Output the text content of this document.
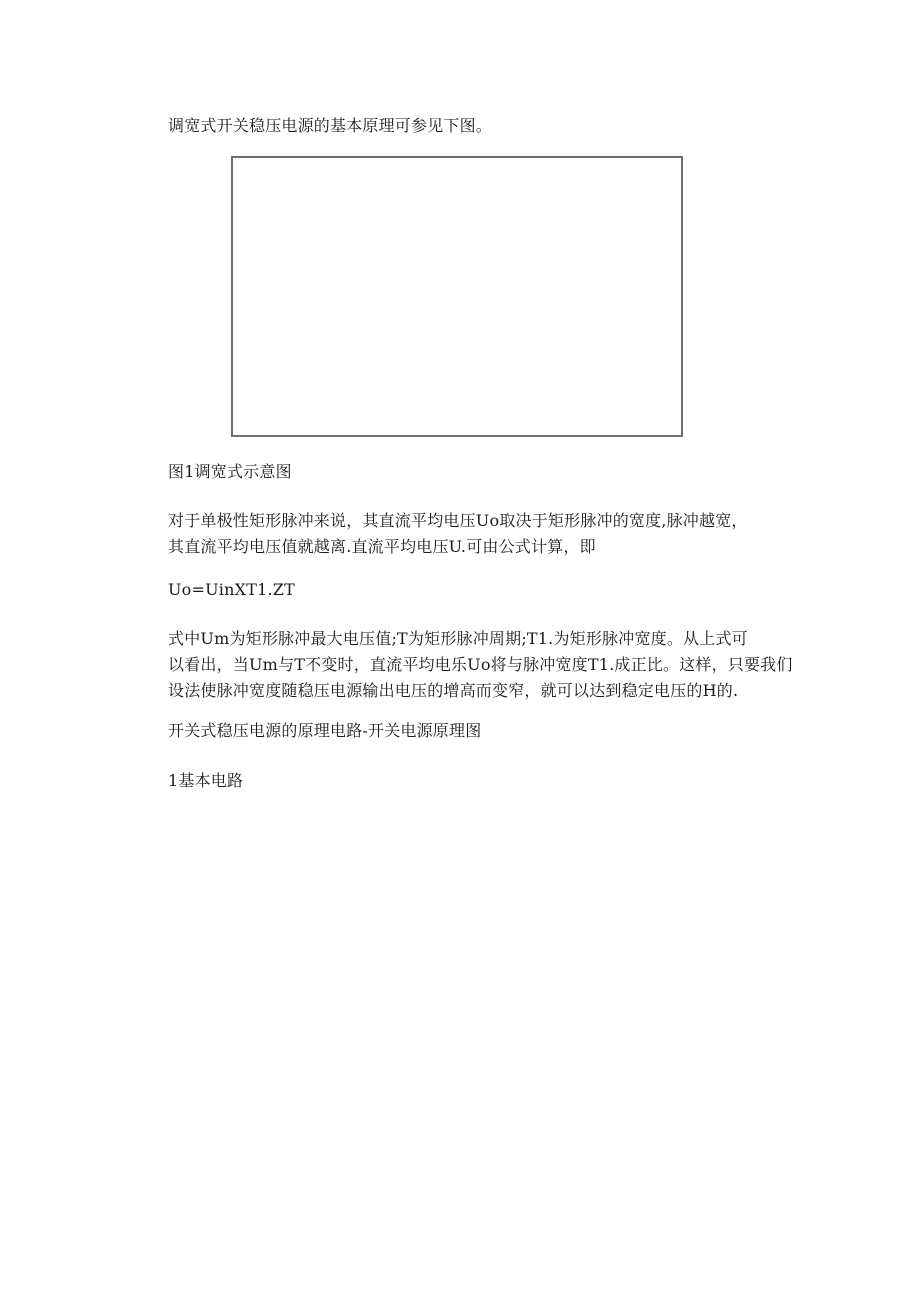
调宽式开关稳压电源的基本原理可参见下图。
图1调宽式示意图
对于单极性矩形脉冲来说，其直流平均电压Uo取决于矩形脉冲的宽度,脉冲越宽，
其直流平均电压值就越离.直流平均电压U.可由公式计算，即
Uo=UinXT1.ZT
式中Um为矩形脉冲最大电压值;T为矩形脉冲周期;T1.为矩形脉冲宽度。从上式可
以看出，当Um与T不变时，直流平均电乐Uo将与脉冲宽度T1.成正比。这样，只要我们
设法使脉冲宽度随稳压电源输出电压的增高而变窄，就可以达到稳定电压的H的.
开关式稳压电源的原理电路-开关电源原理图
1基本电路
